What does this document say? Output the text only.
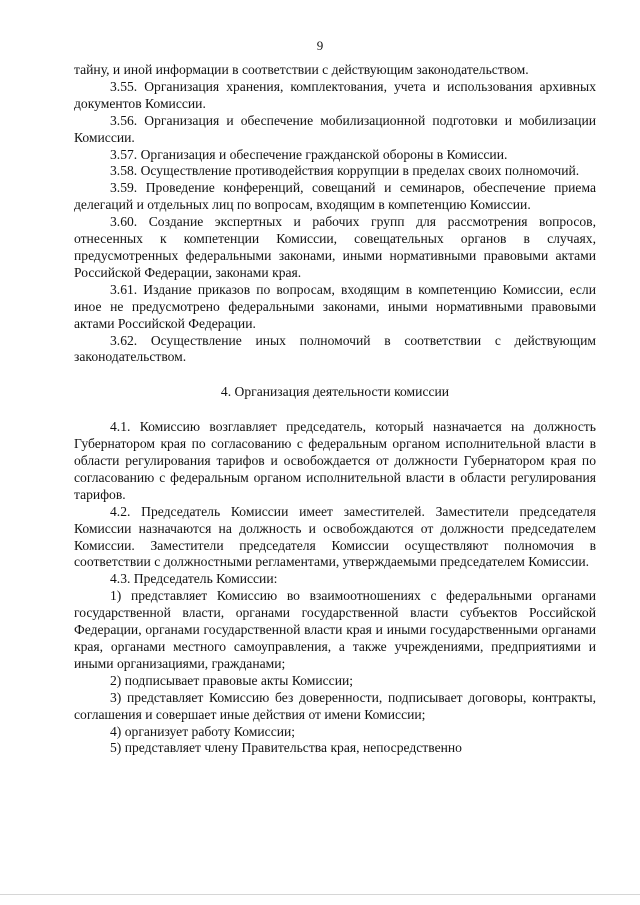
9

тайну, и иной информации в соответствии с действующим законодательством.

3.55. Организация хранения, комплектования, учета и использования архивных документов Комиссии.

3.56. Организация и обеспечение мобилизационной подготовки и мобилизации Комиссии.

3.57. Организация и обеспечение гражданской обороны в Комиссии.

3.58. Осуществление противодействия коррупции в пределах своих полномочий.

3.59. Проведение конференций, совещаний и семинаров, обеспечение приема делегаций и отдельных лиц по вопросам, входящим в компетенцию Комиссии.

3.60. Создание экспертных и рабочих групп для рассмотрения вопросов, отнесенных к компетенции Комиссии, совещательных органов в случаях, предусмотренных федеральными законами, иными нормативными правовыми актами Российской Федерации, законами края.

3.61. Издание приказов по вопросам, входящим в компетенцию Комиссии, если иное не предусмотрено федеральными законами, иными нормативными правовыми актами Российской Федерации.

3.62. Осуществление иных полномочий в соответствии с действующим законодательством.

4. Организация деятельности комиссии

4.1. Комиссию возглавляет председатель, который назначается на должность Губернатором края по согласованию с федеральным органом исполнительной власти в области регулирования тарифов и освобождается от должности Губернатором края по согласованию с федеральным органом исполнительной власти в области регулирования тарифов.

4.2. Председатель Комиссии имеет заместителей. Заместители председателя Комиссии назначаются на должность и освобождаются от должности председателем Комиссии. Заместители председателя Комиссии осуществляют полномочия в соответствии с должностными регламентами, утверждаемыми председателем Комиссии.

4.3. Председатель Комиссии:

1) представляет Комиссию во взаимоотношениях с федеральными органами государственной власти, органами государственной власти субъектов Российской Федерации, органами государственной власти края и иными государственными органами края, органами местного самоуправления, а также учреждениями, предприятиями и иными организациями, гражданами;

2) подписывает правовые акты Комиссии;

3) представляет Комиссию без доверенности, подписывает договоры, контракты, соглашения и совершает иные действия от имени Комиссии;

4) организует работу Комиссии;

5) представляет члену Правительства края, непосредственно
